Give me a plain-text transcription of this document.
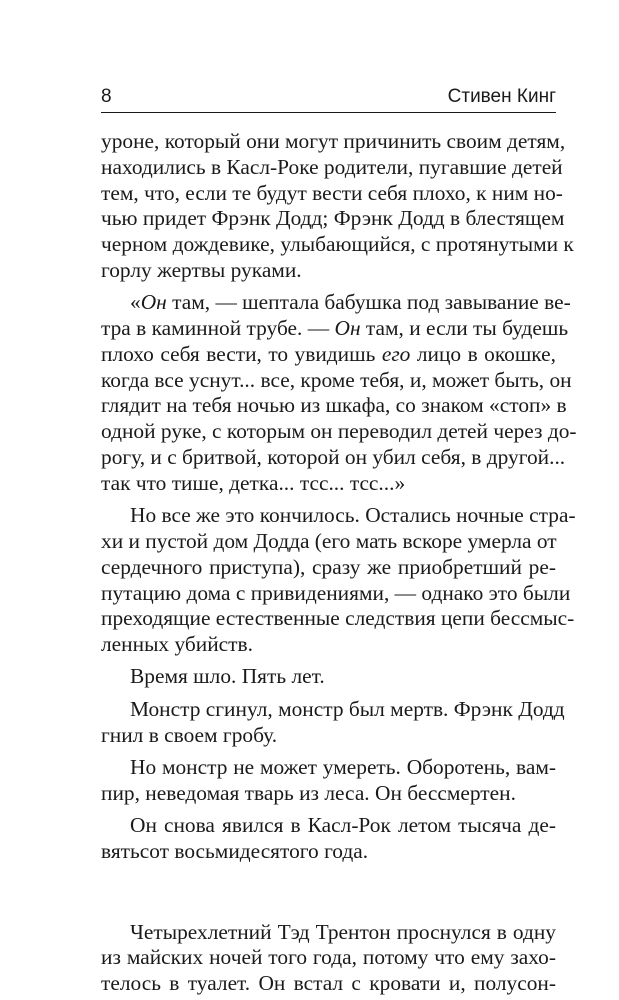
8	Стивен Кинг
уроне, который они могут причинить своим детям,
находились в Касл-Роке родители, пугавшие детей
тем, что, если те будут вести себя плохо, к ним но-
чью придет Фрэнк Додд; Фрэнк Додд в блестящем
черном дождевике, улыбающийся, с протянутыми к
горлу жертвы руками.
«Он там, — шептала бабушка под завывание ве-
тра в каминной трубе. — Он там, и если ты будешь
плохо себя вести, то увидишь его лицо в окошке,
когда все уснут... все, кроме тебя, и, может быть, он
глядит на тебя ночью из шкафа, со знаком «стоп» в
одной руке, с которым он переводил детей через до-
рогу, и с бритвой, которой он убил себя, в другой...
так что тише, детка... тсс... тсс...»
Но все же это кончилось. Остались ночные стра-
хи и пустой дом Додда (его мать вскоре умерла от
сердечного приступа), сразу же приобретший ре-
путацию дома с привидениями, — однако это были
преходящие естественные следствия цепи бессмыс-
ленных убийств.
Время шло. Пять лет.
Монстр сгинул, монстр был мертв. Фрэнк Додд
гнил в своем гробу.
Но монстр не может умереть. Оборотень, вам-
пир, неведомая тварь из леса. Он бессмертен.
Он снова явился в Касл-Рок летом тысяча де-
вятьсот восьмидесятого года.
Четырехлетний Тэд Трентон проснулся в одну
из майских ночей того года, потому что ему захо-
телось в туалет. Он встал с кровати и, полусон-
